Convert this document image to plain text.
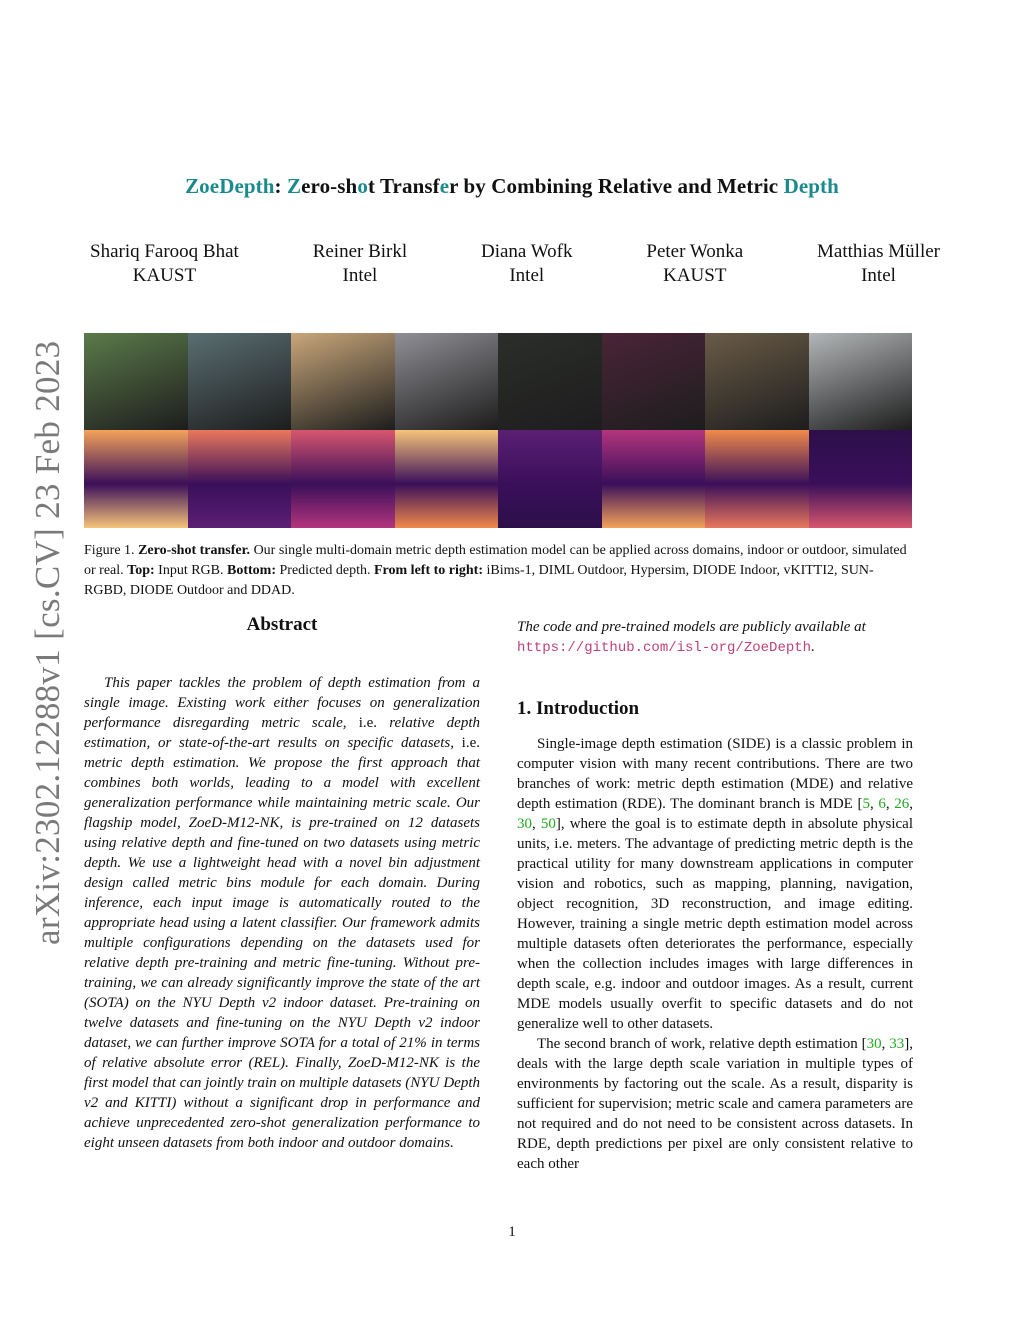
ZoeDepth: Zero-shot Transfer by Combining Relative and Metric Depth
Shariq Farooq Bhat
KAUST
Reiner Birkl
Intel
Diana Wofk
Intel
Peter Wonka
KAUST
Matthias Müller
Intel
arXiv:2302.12288v1 [cs.CV] 23 Feb 2023 Figure 1. Zero-shot transfer. Our single multi-domain metric depth estimation model can be applied across domains, indoor or outdoor, simulated or real. Top: Input RGB. Bottom: Predicted depth. From left to right: iBims-1, DIML Outdoor, Hypersim, DIODE Indoor, vKITTI2, SUN-RGBD, DIODE Outdoor and DDAD.
Abstract

This paper tackles the problem of depth estimation from a single image. Existing work either focuses on generalization performance disregarding metric scale, i.e. relative depth estimation, or state-of-the-art results on specific datasets, i.e. metric depth estimation. We propose the first approach that combines both worlds, leading to a model with excellent generalization performance while maintaining metric scale. Our flagship model, ZoeD-M12-NK, is pre-trained on 12 datasets using relative depth and fine-tuned on two datasets using metric depth. We use a lightweight head with a novel bin adjustment design called metric bins module for each domain. During inference, each input image is automatically routed to the appropriate head using a latent classifier. Our framework admits multiple configurations depending on the datasets used for relative depth pre-training and metric fine-tuning. Without pre-training, we can already significantly improve the state of the art (SOTA) on the NYU Depth v2 indoor dataset. Pre-training on twelve datasets and fine-tuning on the NYU Depth v2 indoor dataset, we can further improve SOTA for a total of 21% in terms of relative absolute error (REL). Finally, ZoeD-M12-NK is the first model that can jointly train on multiple datasets (NYU Depth v2 and KITTI) without a significant drop in performance and achieve unprecedented zero-shot generalization performance to eight unseen datasets from both indoor and outdoor domains.

The code and pre-trained models are publicly available at https://github.com/isl-org/ZoeDepth.

1. Introduction

Single-image depth estimation (SIDE) is a classic problem in computer vision with many recent contributions. There are two branches of work: metric depth estimation (MDE) and relative depth estimation (RDE). The dominant branch is MDE [5, 6, 26, 30, 50], where the goal is to estimate depth in absolute physical units, i.e. meters. The advantage of predicting metric depth is the practical utility for many downstream applications in computer vision and robotics, such as mapping, planning, navigation, object recognition, 3D reconstruction, and image editing. However, training a single metric depth estimation model across multiple datasets often deteriorates the performance, especially when the collection includes images with large differences in depth scale, e.g. indoor and outdoor images. As a result, current MDE models usually overfit to specific datasets and do not generalize well to other datasets.

The second branch of work, relative depth estimation [30, 33], deals with the large depth scale variation in multiple types of environments by factoring out the scale. As a result, disparity is sufficient for supervision; metric scale and camera parameters are not required and do not need to be consistent across datasets. In RDE, depth predictions per pixel are only consistent relative to each other

1
